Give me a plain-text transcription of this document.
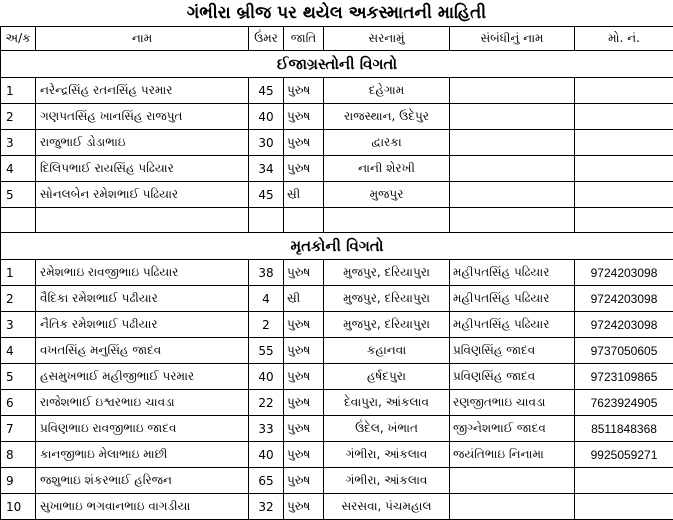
ગંભીરા બ્રીજ પર થયેલ અકસ્માતની માહિતી
અ/ક	નામ	ઉંમર	જાતિ	સરનામું	સંબંધીનું નામ	મો. નં.
ઈજાગ્રસ્તોની વિગતો						
1	નરેન્દ્રસિંહ રતનસિંહ પરમાર	45	પુરુષ	દહેગામ		
2	ગણપતસિંહ ખાનસિંહ રાજપુત	40	પુરુષ	રાજસ્થાન, ઉદેપુર		
3	રાજુભાઈ ડોડાભાઇ	30	પુરુષ	દ્વારકા		
4	દિલિપભાઈ રાયસિંહ પઢિયાર	34	પુરુષ	નાની શેરખી		
5	સોનલબેન રમેશભાઈ પઢિયાર	45	સ્રી	મુજપુર		

મૃતકોની વિગતો						
1	રમેશભાઇ રાવજીભાઇ પઢિયાર	38	પુરુષ	મુજપુર, દરિયાપુરા	મહીપતસિંહ પઢિયાર	9724203098
2	વૈદિકા રમેશભાઈ પઢીયાર	4	સ્રી	મુજપુર, દરિયાપુરા	મહીપતસિંહ પઢિયાર	9724203098
3	નૈતિક રમેશભાઈ પઢીયાર	2	પુરુષ	મુજપુર, દરિયાપુરા	મહીપતસિંહ પઢિયાર	9724203098
4	વખતસિંહ મનુસિંહ જાદવ	55	પુરુષ	કહાનવા	પ્રવિણસિંહ જાદવ	9737050605
5	હસમુખભાઈ મહીજીભાઈ પરમાર	40	પુરુષ	હર્ષદપુરા	પ્રવિણસિંહ જાદવ	9723109865
6	રાજેશભાઈ ઇશ્વરભાઇ ચાવડા	22	પુરુષ	દેવાપુરા, આંકલાવ	રણજીતભાઇ ચાવડા	7623924905
7	પ્રવિણભાઇ રાવજીભાઇ જાદવ	33	પુરુષ	ઉંદેલ, ખંભાત	જીગ્નેશભાઈ જાદવ	8511848368
8	કાનજીભાઇ મેલાભાઇ માછી	40	પુરુષ	ગંભીરા, આંકલાવ	જયંતિભાઇ નિનામા	9925059271
9	જશુભાઇ શંકરભાઈ હરિજન	65	પુરુષ	ગંભીરા, આંકલાવ		
10	સુખાભાઇ ભગવાનભાઇ વાગડીયા	32	પુરુષ	સરસવા, પંચમહાલ		
